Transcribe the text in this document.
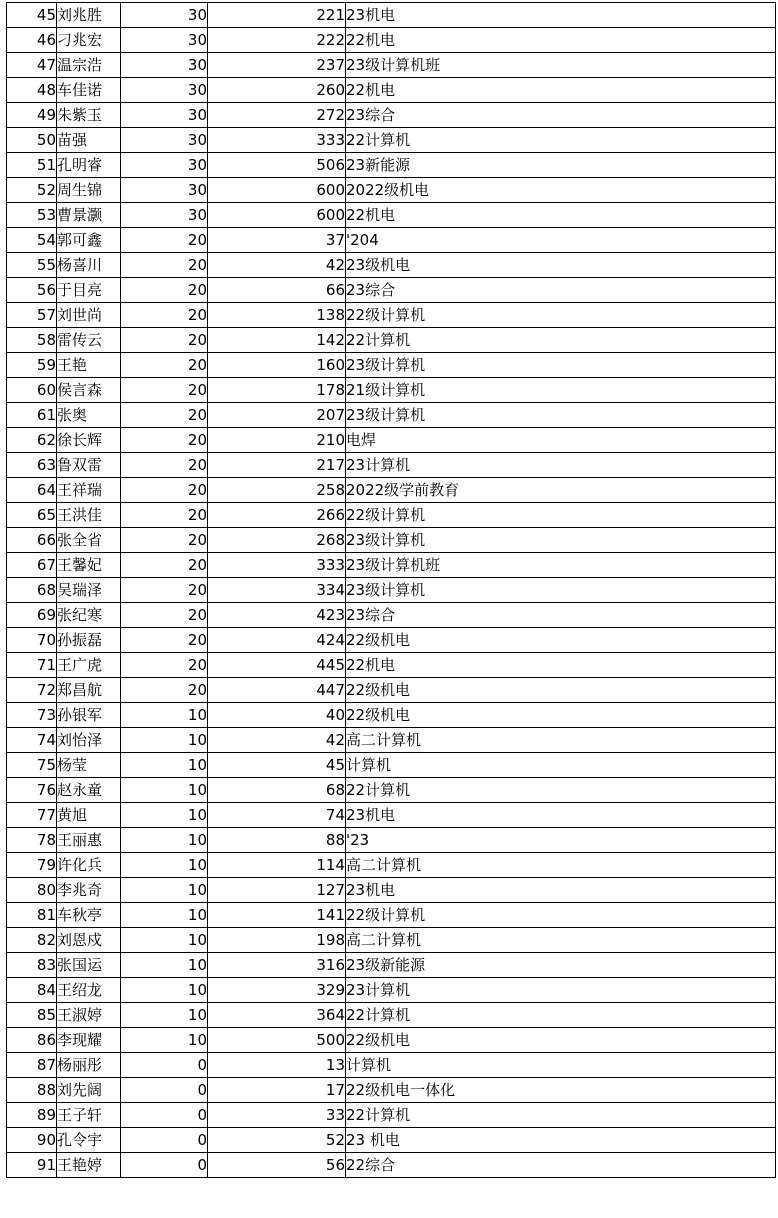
45	刘兆胜	30	221	23机电
46	刁兆宏	30	222	22机电
47	温宗浩	30	237	23级计算机班
48	车佳诺	30	260	22机电
49	朱紫玉	30	272	23综合
50	苗强	30	333	22计算机
51	孔明睿	30	506	23新能源
52	周生锦	30	600	2022级机电
53	曹景灏	30	600	22机电
54	郭可鑫	20	37	'204
55	杨喜川	20	42	23级机电
56	于目亮	20	66	23综合
57	刘世尚	20	138	22级计算机
58	雷传云	20	142	22计算机
59	王艳	20	160	23级计算机
60	侯言森	20	178	21级计算机
61	张奥	20	207	23级计算机
62	徐长辉	20	210	电焊
63	鲁双雷	20	217	23计算机
64	王祥瑞	20	258	2022级学前教育
65	王洪佳	20	266	22级计算机
66	张全省	20	268	23级计算机
67	王馨妃	20	333	23级计算机班
68	吴瑞泽	20	334	23级计算机
69	张纪寒	20	423	23综合
70	孙振磊	20	424	22级机电
71	王广虎	20	445	22机电
72	郑昌航	20	447	22级机电
73	孙银军	10	40	22级机电
74	刘怡泽	10	42	高二计算机
75	杨莹	10	45	计算机
76	赵永童	10	68	22计算机
77	黄旭	10	74	23机电
78	王丽惠	10	88	'23
79	许化兵	10	114	高二计算机
80	李兆奇	10	127	23机电
81	车秋亭	10	141	22级计算机
82	刘恩戍	10	198	高二计算机
83	张国运	10	316	23级新能源
84	王绍龙	10	329	23计算机
85	王淑婷	10	364	22计算机
86	李现耀	10	500	22级机电
87	杨丽彤	0	13	计算机
88	刘先阔	0	17	22级机电一体化
89	王子轩	0	33	22计算机
90	孔令宇	0	52	23 机电
91	王艳婷	0	56	22综合
